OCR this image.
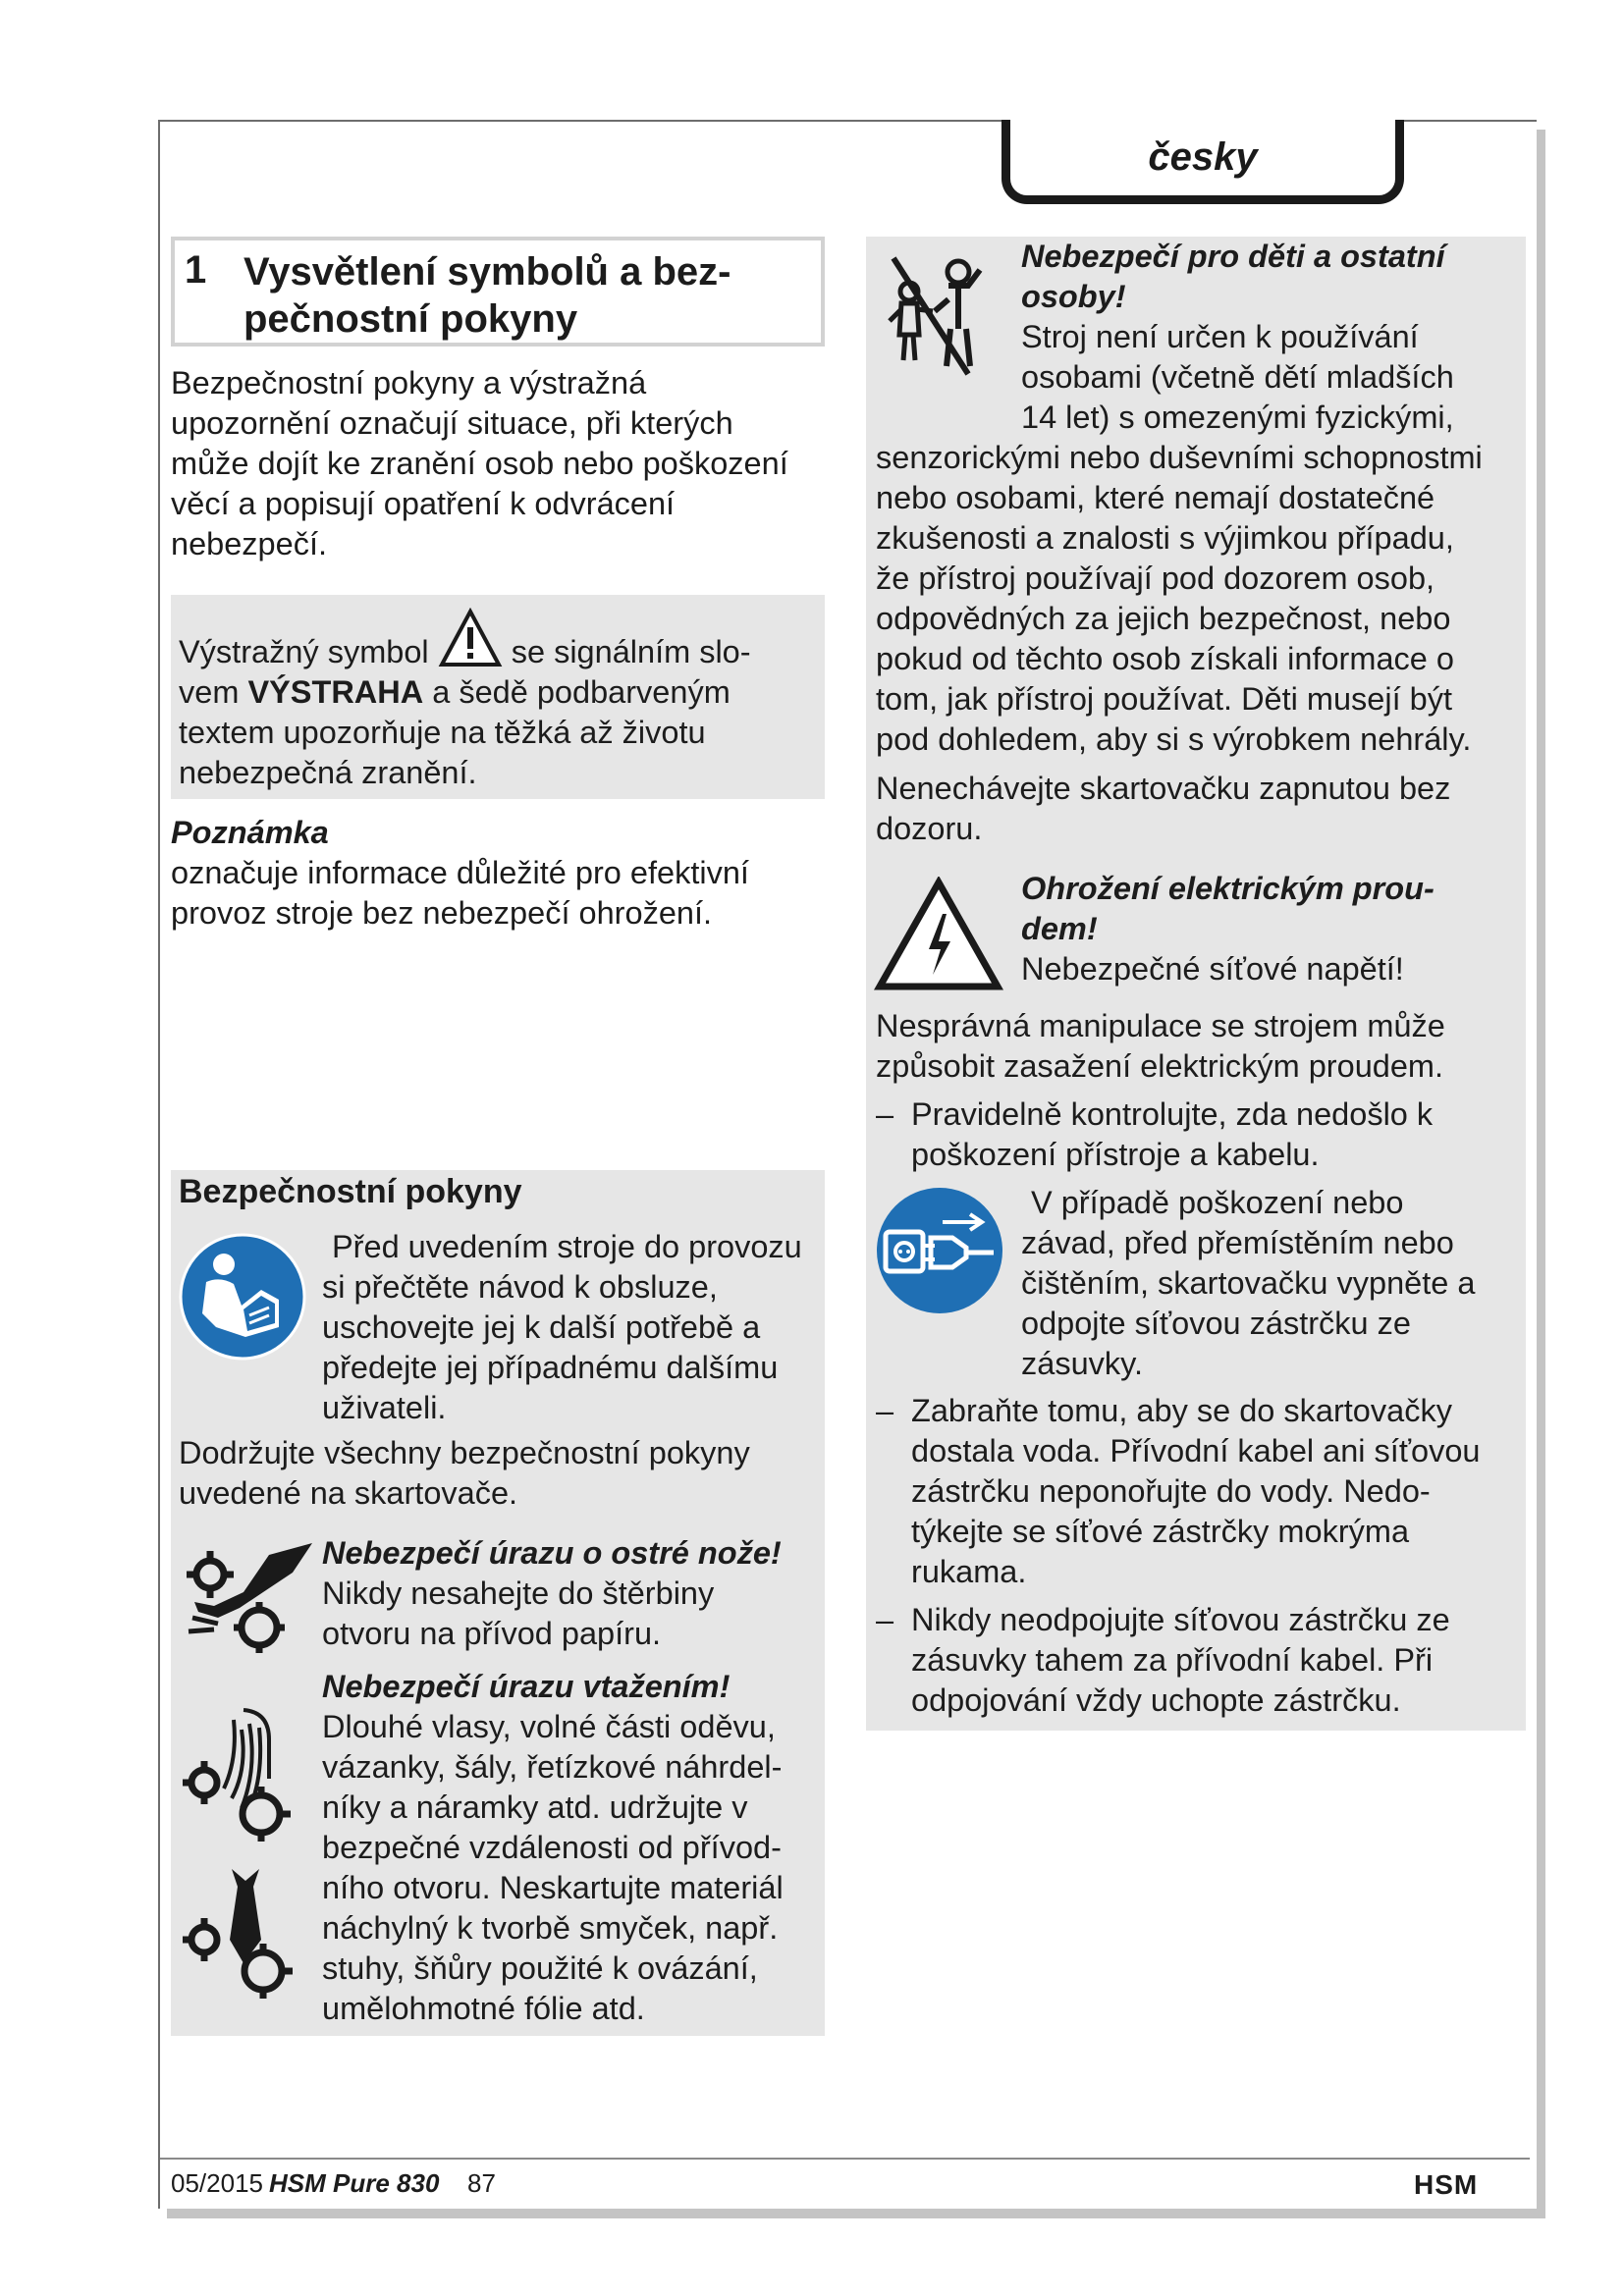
česky
1 Vysvětlení symbolů a bez-
pečnostní pokyny

Bezpečnostní pokyny a výstražná

upozornění označují situace, při kterých

může dojít ke zranění osob nebo poškození

věcí a popisují opatření k odvrácení

nebezpečí.

Výstražný symbol	se signálním slo-

vem VÝSTRAHA a šedě podbarveným

textem upozorňuje na těžká až životu

nebezpečná zranění.

Poznámka

označuje informace důležité pro efektivní

provoz stroje bez nebezpečí ohrožení.

Bezpečnostní pokyny

Před uvedením stroje do provozu

si přečtěte návod k obsluze,

uschovejte jej k další potřebě a

předejte jej případnému dalšímu

uživateli.

Dodržujte všechny bezpečnostní pokyny

uvedené na skartovače.

Nebezpečí úrazu o ostré nože!

Nikdy nesahejte do štěrbiny

otvoru na přívod papíru.

Nebezpečí úrazu vtažením!

Dlouhé vlasy, volné části oděvu,

vázanky, šály, řetízkové náhrdel-

níky a náramky atd. udržujte v

bezpečné vzdálenosti od přívod-

ního otvoru. Neskartujte materiál

náchylný k tvorbě smyček, např.

stuhy, šňůry použité k ovázání,

umělohmotné fólie atd.

Nebezpečí pro děti a ostatní

osoby!

Stroj není určen k používání

osobami (včetně dětí mladších

14 let) s omezenými fyzickými,

senzorickými nebo duševními schopnostmi

nebo osobami, které nemají dostatečné

zkušenosti a znalosti s výjimkou případu,

že přístroj používají pod dozorem osob,

odpovědných za jejich bezpečnost, nebo

pokud od těchto osob získali informace o

tom, jak přístroj používat. Děti musejí být

pod dohledem, aby si s výrobkem nehrály.

Nenechávejte skartovačku zapnutou bez

dozoru.

Ohrožení elektrickým prou-

dem!

Nebezpečné síťové napětí!

Nesprávná manipulace se strojem může

způsobit zasažení elektrickým proudem.

– Pravidelně kontrolujte, zda nedošlo k

poškození přístroje a kabelu.

V případě poškození nebo

závad, před přemístěním nebo

čištěním, skartovačku vypněte a

odpojte síťovou zástrčku ze

zásuvky.

– Zabraňte tomu, aby se do skartovačky

dostala voda. Přívodní kabel ani síťovou

zástrčku neponořujte do vody. Nedo-

týkejte se síťové zástrčky mokrýma

rukama.

– Nikdy neodpojujte síťovou zástrčku ze

zásuvky tahem za přívodní kabel. Při

odpojování vždy uchopte zástrčku.

05/2015 HSM Pure 830 87	HSM
